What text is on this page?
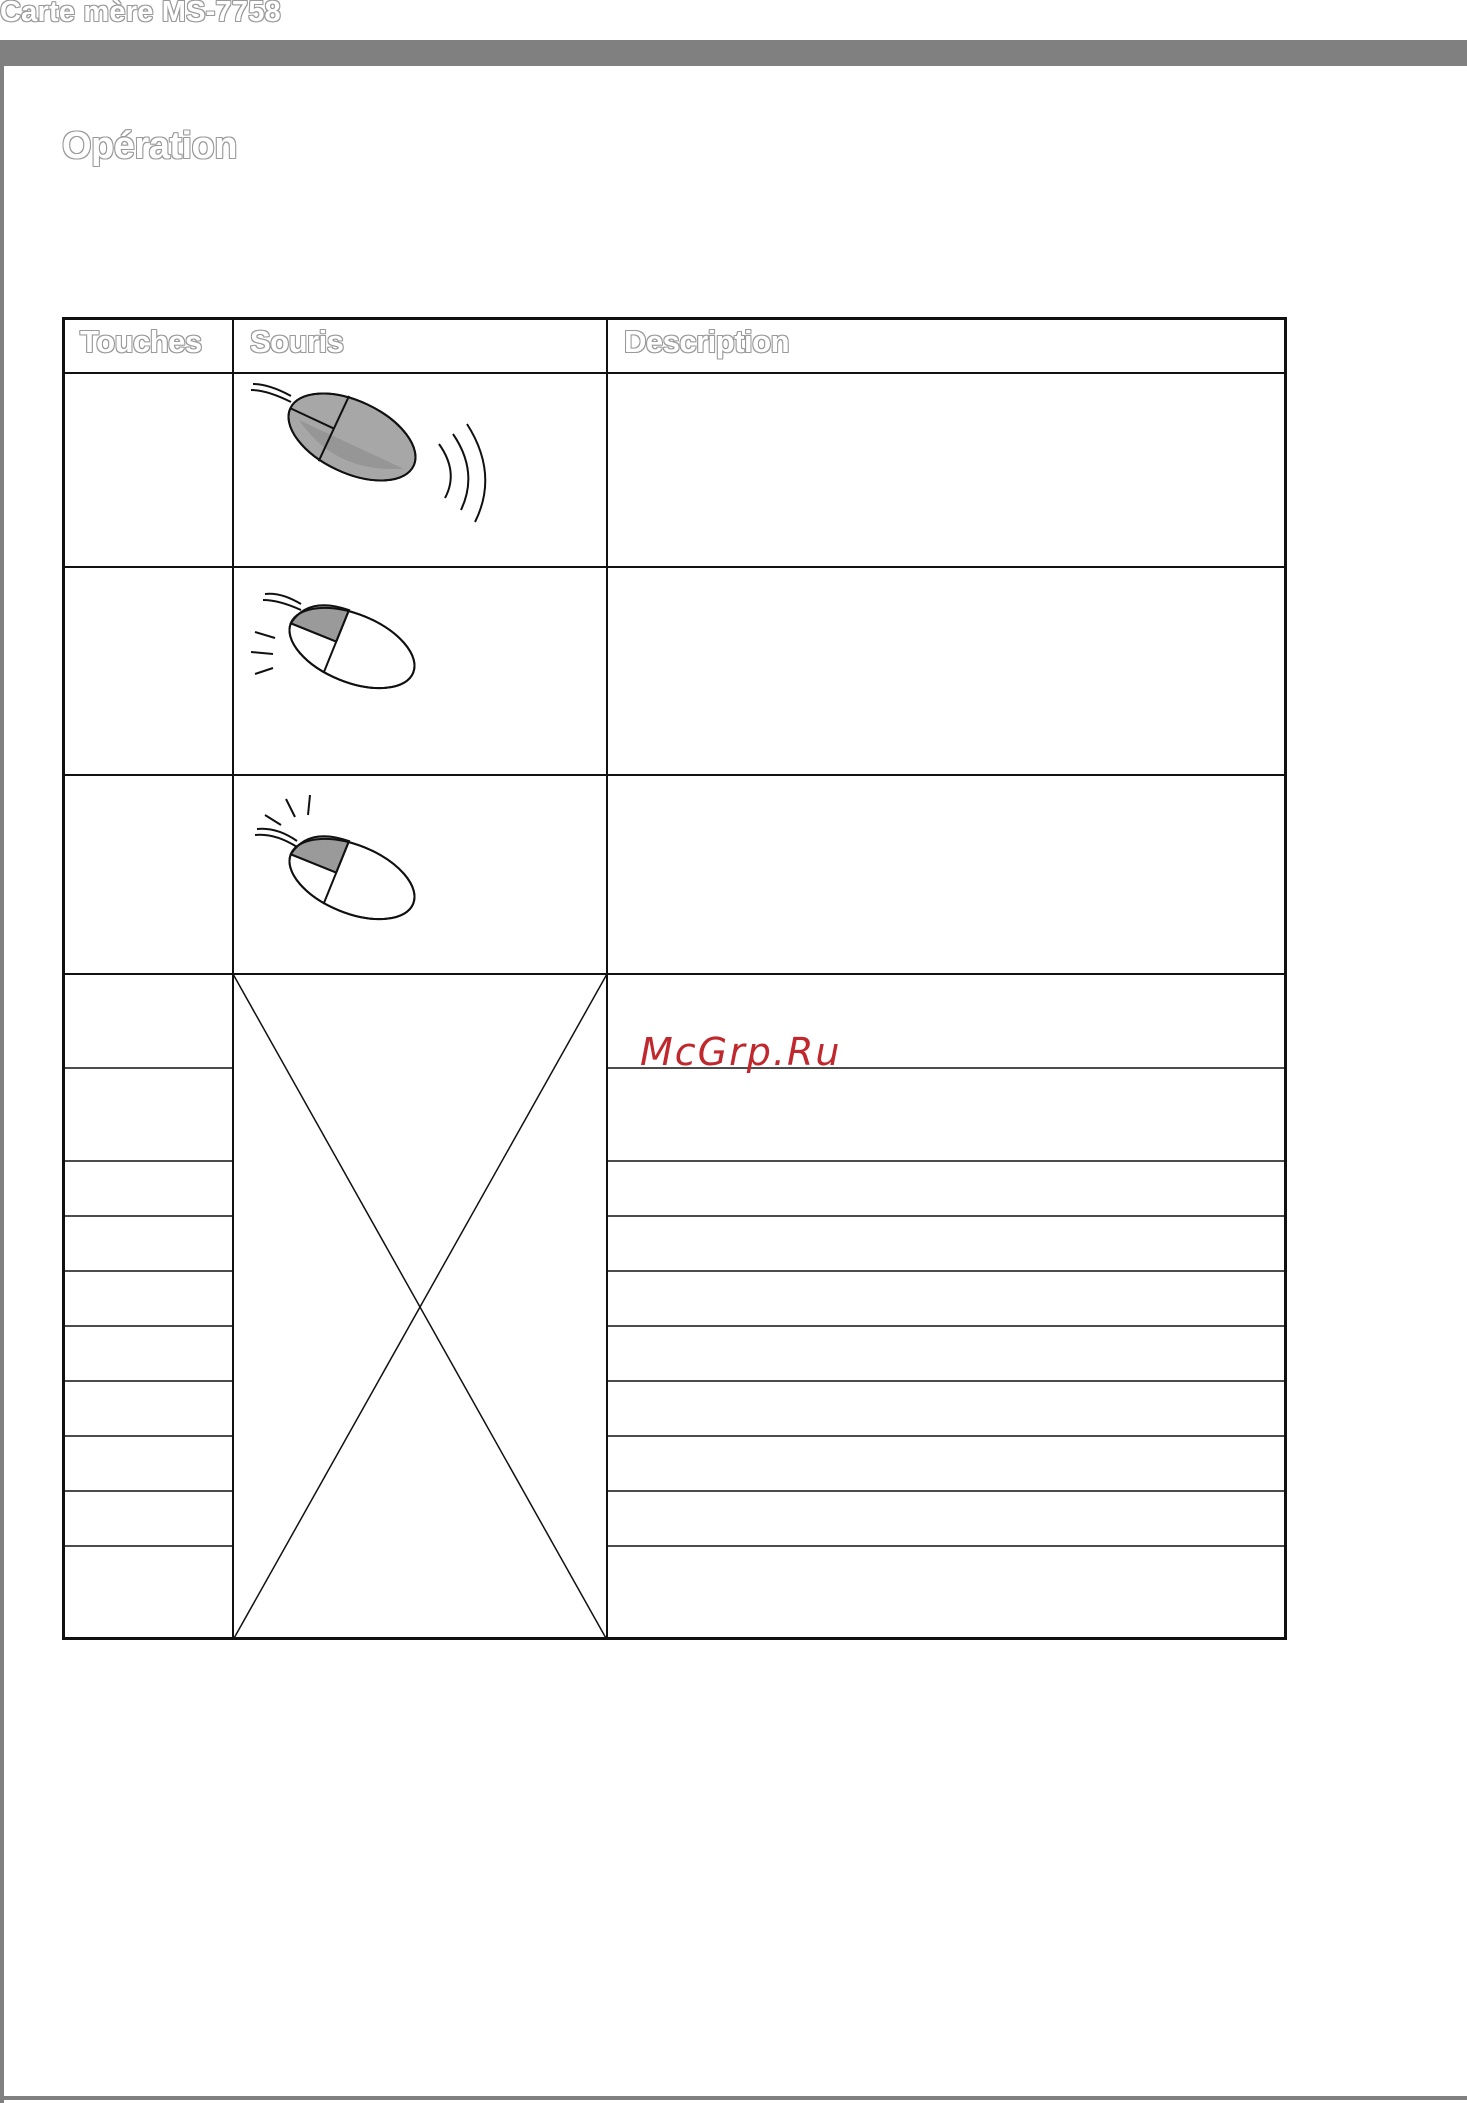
Carte mère MS-7758
Opération
Touches Souris	Description
McGrp.Ru
